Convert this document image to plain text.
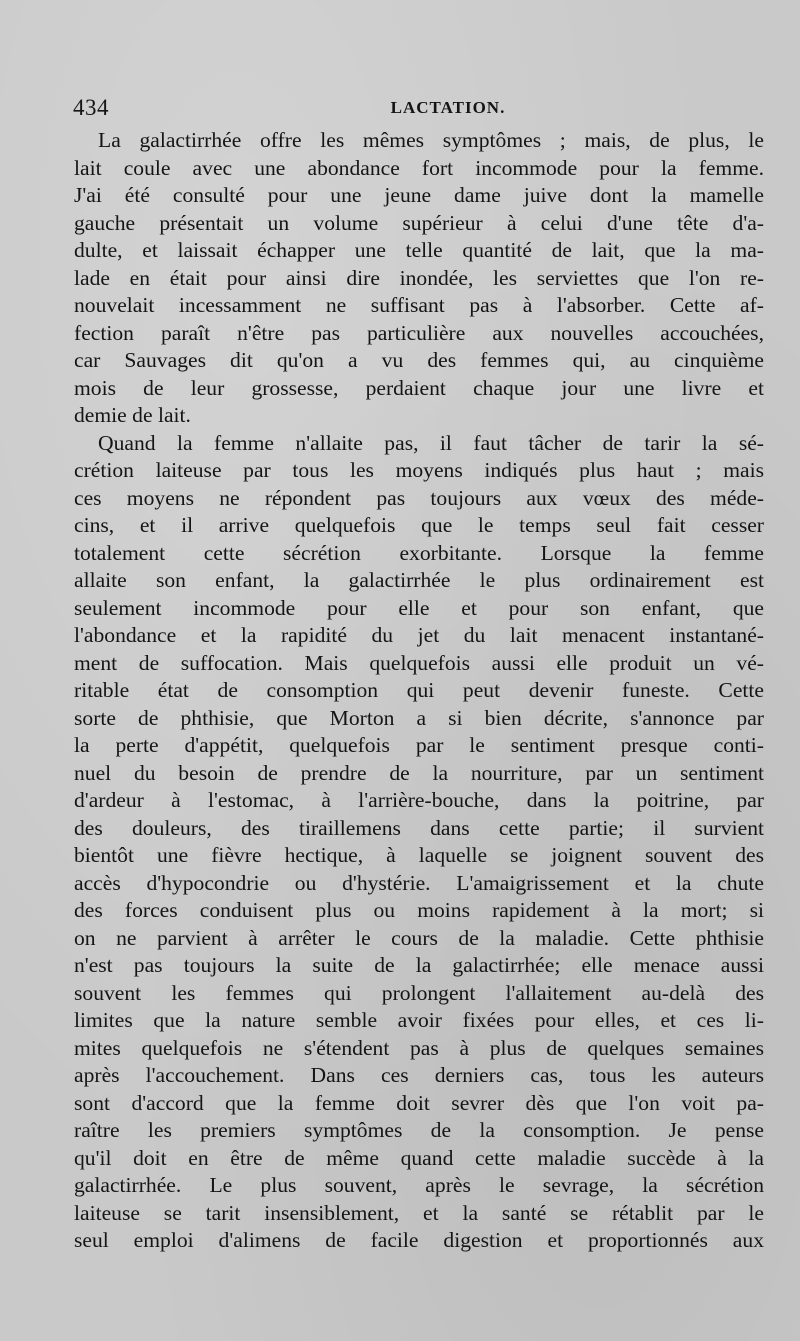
434	LACTATION.
La galactirrhée offre les mêmes symptômes ; mais, de plus, le
lait coule avec une abondance fort incommode pour la femme.
J'ai été consulté pour une jeune dame juive dont la mamelle
gauche présentait un volume supérieur à celui d'une tête d'a-
dulte, et laissait échapper une telle quantité de lait, que la ma-
lade en était pour ainsi dire inondée, les serviettes que l'on re-
nouvelait incessamment ne suffisant pas à l'absorber. Cette af-
fection paraît n'être pas particulière aux nouvelles accouchées,
car Sauvages dit qu'on a vu des femmes qui, au cinquième
mois de leur grossesse, perdaient chaque jour une livre et
demie de lait.
Quand la femme n'allaite pas, il faut tâcher de tarir la sé-
crétion laiteuse par tous les moyens indiqués plus haut ; mais
ces moyens ne répondent pas toujours aux vœux des méde-
cins, et il arrive quelquefois que le temps seul fait cesser
totalement cette sécrétion exorbitante. Lorsque la femme
allaite son enfant, la galactirrhée le plus ordinairement est
seulement incommode pour elle et pour son enfant, que
l'abondance et la rapidité du jet du lait menacent instantané-
ment de suffocation. Mais quelquefois aussi elle produit un vé-
ritable état de consomption qui peut devenir funeste. Cette
sorte de phthisie, que Morton a si bien décrite, s'annonce par
la perte d'appétit, quelquefois par le sentiment presque conti-
nuel du besoin de prendre de la nourriture, par un sentiment
d'ardeur à l'estomac, à l'arrière-bouche, dans la poitrine, par
des douleurs, des tiraillemens dans cette partie; il survient
bientôt une fièvre hectique, à laquelle se joignent souvent des
accès d'hypocondrie ou d'hystérie. L'amaigrissement et la chute
des forces conduisent plus ou moins rapidement à la mort; si
on ne parvient à arrêter le cours de la maladie. Cette phthisie
n'est pas toujours la suite de la galactirrhée; elle menace aussi
souvent les femmes qui prolongent l'allaitement au-delà des
limites que la nature semble avoir fixées pour elles, et ces li-
mites quelquefois ne s'étendent pas à plus de quelques semaines
après l'accouchement. Dans ces derniers cas, tous les auteurs
sont d'accord que la femme doit sevrer dès que l'on voit pa-
raître les premiers symptômes de la consomption. Je pense
qu'il doit en être de même quand cette maladie succède à la
galactirrhée. Le plus souvent, après le sevrage, la sécrétion
laiteuse se tarit insensiblement, et la santé se rétablit par le
seul emploi d'alimens de facile digestion et proportionnés aux
